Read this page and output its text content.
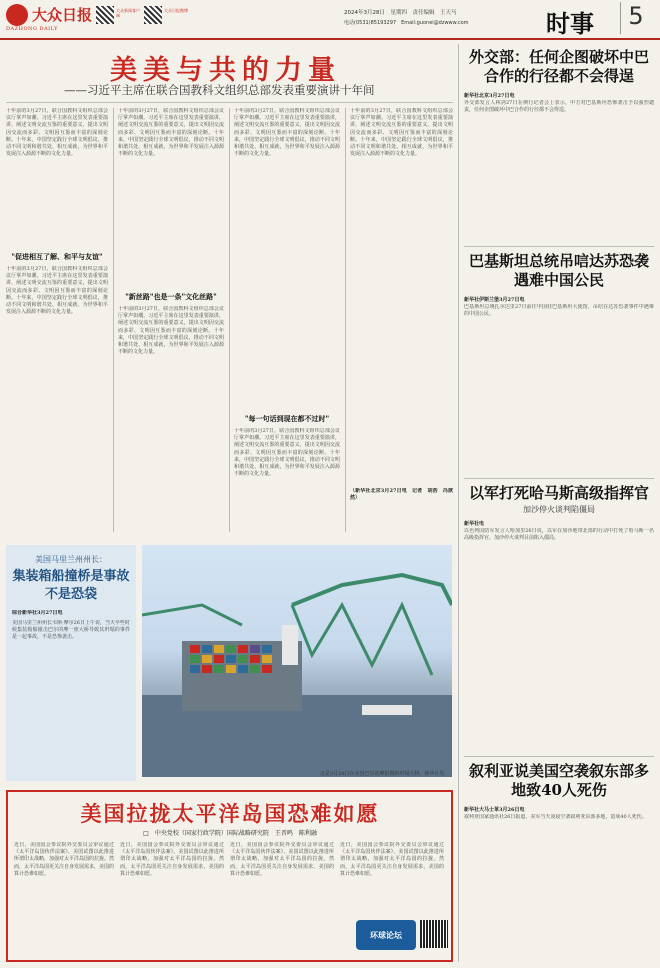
大众日报
DAZHONG DAILY
大众新闻客户端
大众日报微博	2024年3月28日　星期四　责任编辑　王天马
电话(0531)85193297　Email:guonei@dzwww.com	时事	5
美美与共的力量
——习近平主席在联合国教科文组织总部发表重要演讲十年间
十年前的3月27日，联合国教科文组织总部会议厅掌声如潮。习近平主席在这里发表重要演讲，阐述文明交流互鉴的重要意义，提出文明因交流而多彩、文明因互鉴而丰富的深刻论断。十年来，中国坚定践行全球文明倡议，推动不同文明和谐共处、相互成就，为世界和平发展注入源源不断的文化力量。
"促进相互了解、和平与友谊"
十年前的3月27日，联合国教科文组织总部会议厅掌声如潮。习近平主席在这里发表重要演讲，阐述文明交流互鉴的重要意义，提出文明因交流而多彩、文明因互鉴而丰富的深刻论断。十年来，中国坚定践行全球文明倡议，推动不同文明和谐共处、相互成就，为世界和平发展注入源源不断的文化力量。
十年前的3月27日，联合国教科文组织总部会议厅掌声如潮。习近平主席在这里发表重要演讲，阐述文明交流互鉴的重要意义，提出文明因交流而多彩、文明因互鉴而丰富的深刻论断。十年来，中国坚定践行全球文明倡议，推动不同文明和谐共处、相互成就，为世界和平发展注入源源不断的文化力量。
"新丝路"也是一条"文化丝路"
十年前的3月27日，联合国教科文组织总部会议厅掌声如潮。习近平主席在这里发表重要演讲，阐述文明交流互鉴的重要意义，提出文明因交流而多彩、文明因互鉴而丰富的深刻论断。十年来，中国坚定践行全球文明倡议，推动不同文明和谐共处、相互成就，为世界和平发展注入源源不断的文化力量。
十年前的3月27日，联合国教科文组织总部会议厅掌声如潮。习近平主席在这里发表重要演讲，阐述文明交流互鉴的重要意义，提出文明因交流而多彩、文明因互鉴而丰富的深刻论断。十年来，中国坚定践行全球文明倡议，推动不同文明和谐共处、相互成就，为世界和平发展注入源源不断的文化力量。
"每一句话到现在都不过时"
十年前的3月27日，联合国教科文组织总部会议厅掌声如潮。习近平主席在这里发表重要演讲，阐述文明交流互鉴的重要意义，提出文明因交流而多彩、文明因互鉴而丰富的深刻论断。十年来，中国坚定践行全球文明倡议，推动不同文明和谐共处、相互成就，为世界和平发展注入源源不断的文化力量。
十年前的3月27日，联合国教科文组织总部会议厅掌声如潮。习近平主席在这里发表重要演讲，阐述文明交流互鉴的重要意义，提出文明因交流而多彩、文明因互鉴而丰富的深刻论断。十年来，中国坚定践行全球文明倡议，推动不同文明和谐共处、相互成就，为世界和平发展注入源源不断的文化力量。
（新华社北京3月27日电　记者　胡浩　冯歆然）
美国马里兰州州长：
集装箱船撞桥是事故不是恐袋
综合新华社3月27日电
美国马里兰州州长韦斯·摩尔26日上午说，当天早些时候集装箱船撞击巴尔的摩一座大桥导致其坍塌的事件是一起事故，不是恐怖袭击。
这是3月26日在美国巴尔的摩拍摄的坍塌大桥。新华社发
美国拉拢太平洋岛国恐难如愿
□　中央党校（国家行政学院）国际战略研究院　王晋鸣　陈利融
近日，美国国会参议院外交委员会审议通过《太平洋岛国伙伴法案》，美国试图以此推进所谓印太战略，加强对太平洋岛国的拉拢。然而，太平洋岛国更关注自身发展需求，美国的算计恐难如愿。
近日，美国国会参议院外交委员会审议通过《太平洋岛国伙伴法案》，美国试图以此推进所谓印太战略，加强对太平洋岛国的拉拢。然而，太平洋岛国更关注自身发展需求，美国的算计恐难如愿。
近日，美国国会参议院外交委员会审议通过《太平洋岛国伙伴法案》，美国试图以此推进所谓印太战略，加强对太平洋岛国的拉拢。然而，太平洋岛国更关注自身发展需求，美国的算计恐难如愿。
近日，美国国会参议院外交委员会审议通过《太平洋岛国伙伴法案》，美国试图以此推进所谓印太战略，加强对太平洋岛国的拉拢。然而，太平洋岛国更关注自身发展需求，美国的算计恐难如愿。
环球论坛
外交部：任何企图破坏中巴合作的行径都不会得逞
新华社北京3月27日电
外交部发言人林剑27日在例行记者会上表示，中方对巴基斯坦恐怖袭击予以强烈谴责，任何企图破坏中巴合作的行径都不会得逞。
巴基斯坦总统吊唁达苏恐袭遇难中国公民
新华社伊斯兰堡3月27日电
巴基斯坦总统扎尔达里27日前往中国驻巴基斯坦大使馆，吊唁在达苏恐袭事件中遇难的中国公民。
以军打死哈马斯高级指挥官
加沙停火谈判陷僵局
新华社电
以色列国防军发言人哈加里26日说，以军在加沙地带北部的行动中打死了哈马斯一名高级指挥官。加沙停火谈判目前陷入僵局。
叙利亚说美国空袭叙东部多地致40人死伤
新华社大马士革3月26日电
叙利亚国家通讯社26日报道，美军当天凌晨空袭叙利亚东部多地，造成40人死伤。
